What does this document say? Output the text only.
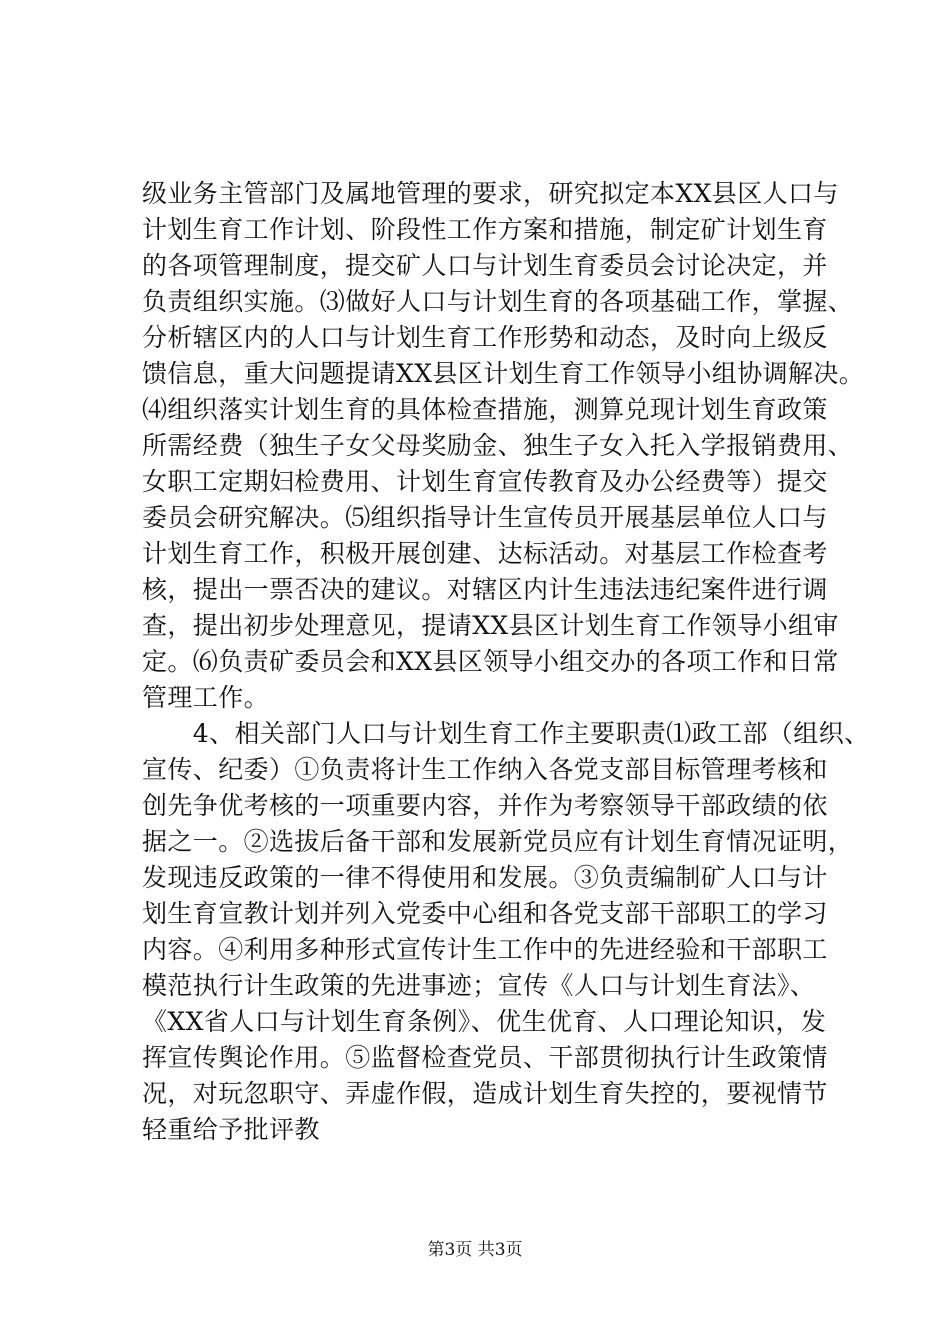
级业务主管部门及属地管理的要求，研究拟定本XX县区人口与
计划生育工作计划、阶段性工作方案和措施，制定矿计划生育
的各项管理制度，提交矿人口与计划生育委员会讨论决定，并
负责组织实施。⑶做好人口与计划生育的各项基础工作，掌握、
分析辖区内的人口与计划生育工作形势和动态，及时向上级反
馈信息，重大问题提请XX县区计划生育工作领导小组协调解决。
⑷组织落实计划生育的具体检查措施，测算兑现计划生育政策
所需经费（独生子女父母奖励金、独生子女入托入学报销费用、
女职工定期妇检费用、计划生育宣传教育及办公经费等）提交
委员会研究解决。⑸组织指导计生宣传员开展基层单位人口与
计划生育工作，积极开展创建、达标活动。对基层工作检查考
核，提出一票否决的建议。对辖区内计生违法违纪案件进行调
查，提出初步处理意见，提请XX县区计划生育工作领导小组审
定。⑹负责矿委员会和XX县区领导小组交办的各项工作和日常
管理工作。
　　4、相关部门人口与计划生育工作主要职责⑴政工部（组织、
宣传、纪委）①负责将计生工作纳入各党支部目标管理考核和
创先争优考核的一项重要内容，并作为考察领导干部政绩的依
据之一。②选拔后备干部和发展新党员应有计划生育情况证明，
发现违反政策的一律不得使用和发展。③负责编制矿人口与计
划生育宣教计划并列入党委中心组和各党支部干部职工的学习
内容。④利用多种形式宣传计生工作中的先进经验和干部职工
模范执行计生政策的先进事迹；宣传《人口与计划生育法》、
《XX省人口与计划生育条例》、优生优育、人口理论知识，发
挥宣传舆论作用。⑤监督检查党员、干部贯彻执行计生政策情
况，对玩忽职守、弄虚作假，造成计划生育失控的，要视情节
轻重给予批评教
第3页 共3页
